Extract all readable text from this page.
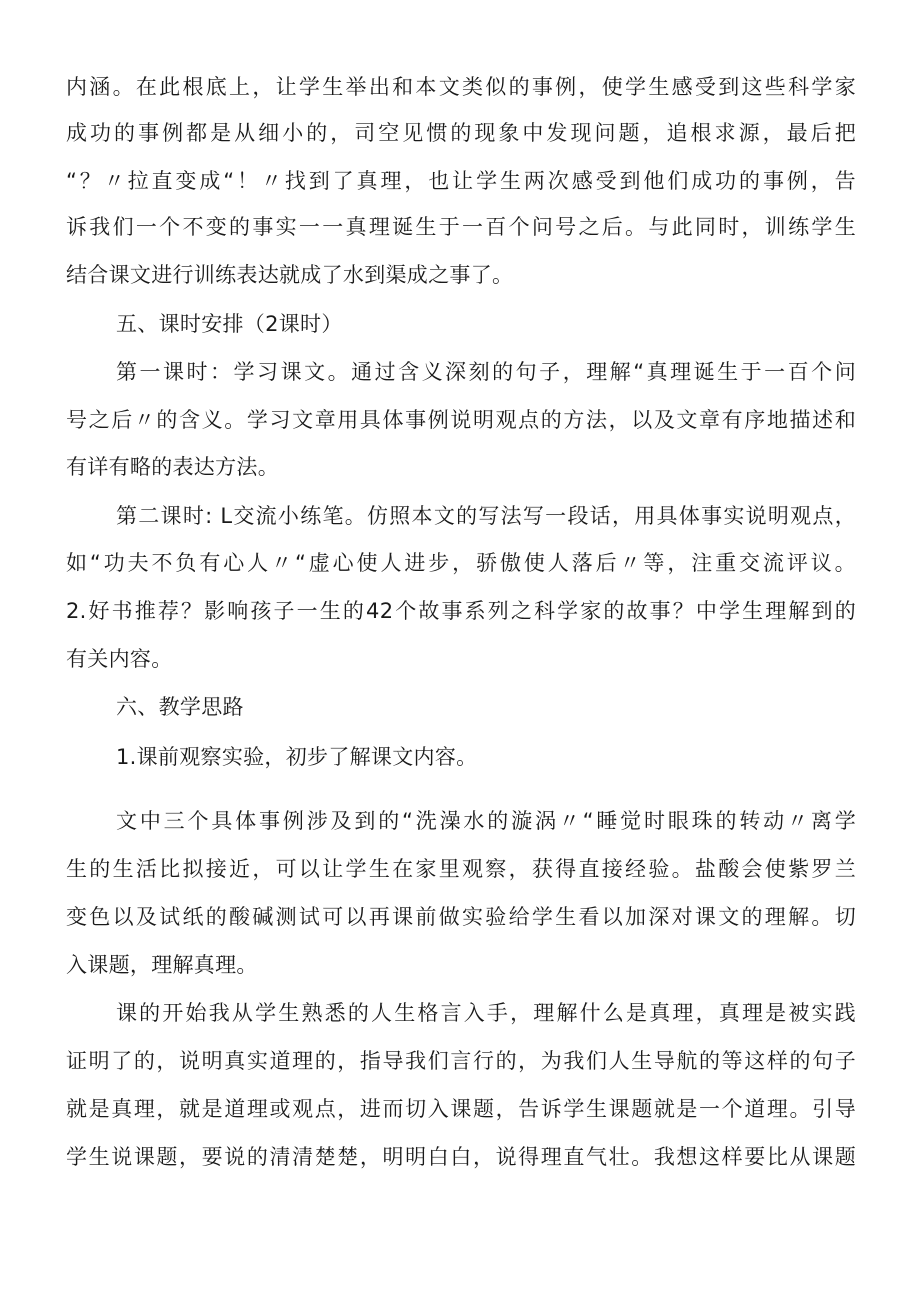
内涵。在此根底上，让学生举出和本文类似的事例，使学生感受到这些科学家
成功的事例都是从细小的，司空见惯的现象中发现问题，追根求源，最后把
“？〃拉直变成“！〃找到了真理，也让学生两次感受到他们成功的事例，告
诉我们一个不变的事实一一真理诞生于一百个问号之后。与此同时，训练学生
结合课文进行训练表达就成了水到渠成之事了。
五、课时安排（2课时）
第一课时：学习课文。通过含义深刻的句子，理解“真理诞生于一百个问
号之后〃的含义。学习文章用具体事例说明观点的方法，以及文章有序地描述和
有详有略的表达方法。
第二课时: L交流小练笔。仿照本文的写法写一段话，用具体事实说明观点，
如“功夫不负有心人〃“虚心使人进步，骄傲使人落后〃等，注重交流评议。
2.好书推荐？影响孩子一生的42个故事系列之科学家的故事？中学生理解到的
有关内容。
六、教学思路
1.课前观察实验，初步了解课文内容。
文中三个具体事例涉及到的“洗澡水的漩涡〃“睡觉时眼珠的转动〃离学
生的生活比拟接近，可以让学生在家里观察，获得直接经验。盐酸会使紫罗兰
变色以及试纸的酸碱测试可以再课前做实验给学生看以加深对课文的理解。切
入课题，理解真理。
课的开始我从学生熟悉的人生格言入手，理解什么是真理，真理是被实践
证明了的，说明真实道理的，指导我们言行的，为我们人生导航的等这样的句子
就是真理，就是道理或观点，进而切入课题，告诉学生课题就是一个道理。引导
学生说课题，要说的清清楚楚，明明白白，说得理直气壮。我想这样要比从课题
